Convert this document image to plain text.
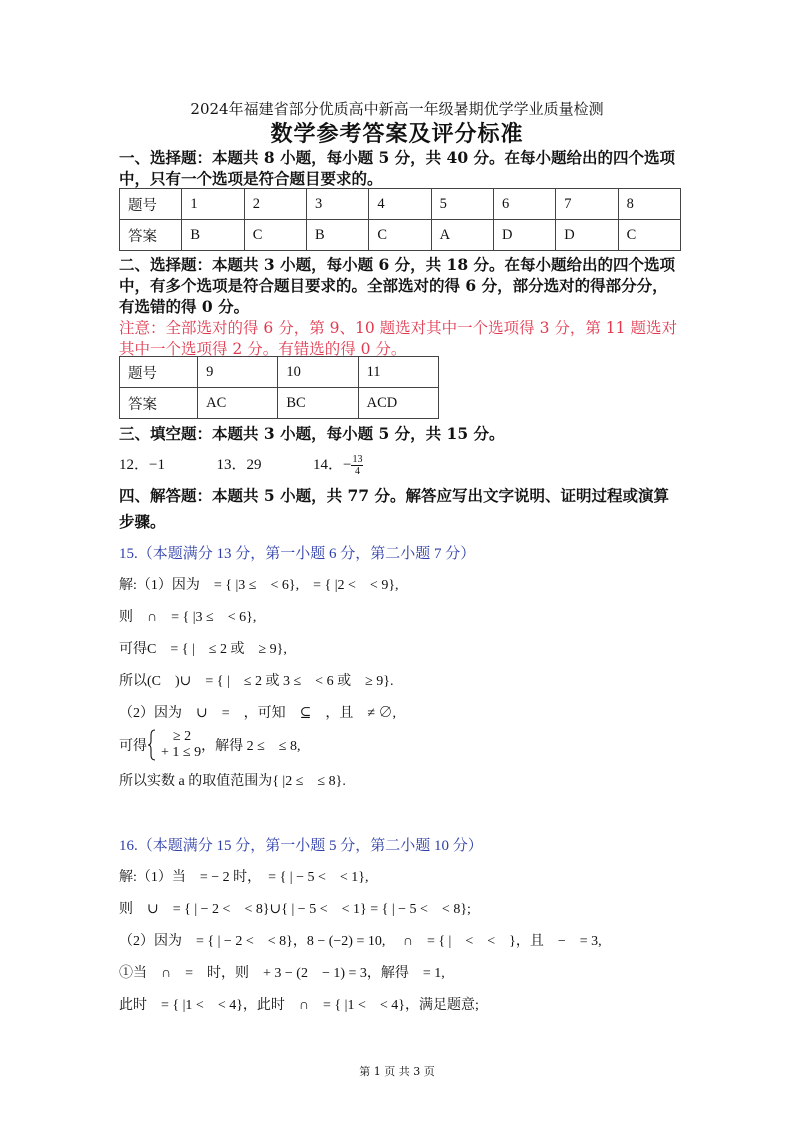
2024年福建省部分优质高中新高一年级暑期优学学业质量检测
数学参考答案及评分标准
一、选择题：本题共 8 小题，每小题 5 分，共 40 分。在每小题给出的四个选项
中，只有一个选项是符合题目要求的。
题号	1	2	3	4	5	6	7	8
答案	B	C	B	C	A	D	D	C
二、选择题：本题共 3 小题，每小题 6 分，共 18 分。在每小题给出的四个选项
中，有多个选项是符合题目要求的。全部选对的得 6 分，部分选对的得部分分，
有选错的得 0 分。
注意：全部选对的得 6 分，第 9、10 题选对其中一个选项得 3 分，第 11 题选对
其中一个选项得 2 分。有错选的得 0 分。
题号	9	10	11
答案	AC	BC	ACD
三、填空题：本题共 3 小题，每小题 5 分，共 15 分。
12．−1	13．29	14．− $\frac{13}{4}$
四、解答题：本题共 5 小题，共 77 分。解答应写出文字说明、证明过程或演算
步骤。
15.（本题满分 13 分，第一小题 6 分，第二小题 7 分）
解:（1）因为　= { |3 ≤　< 6},　= { |2 <　< 9},
则　∩　= { |3 ≤　< 6},
可得C　= { |　≤ 2 或　≥ 9},
所以(C　)∪　= { |　≤ 2 或 3 ≤　< 6 或　≥ 9}.
（2）因为　∪　=　，可知　⊆　，且　≠ ∅,
可得
≥ 2
+ 1 ≤ 9 ，解得 2 ≤　≤ 8,
所以实数 a 的取值范围为{ |2 ≤　≤ 8}.
16.（本题满分 15 分，第一小题 5 分，第二小题 10 分）
解:（1）当　= − 2 时，　= { | − 5 <　< 1},
则　∪　= { | − 2 <　< 8}∪{ | − 5 <　< 1} = { | − 5 <　< 8};
（2）因为　= { | − 2 <　< 8}，8 − (−2) = 10,　 ∩　= { |　<　<　}，且　−　= 3,
①当　∩　=　时，则　+ 3 − (2　− 1) = 3，解得　= 1,
此时　= { |1 <　< 4}，此时　∩　= { |1 <　< 4}，满足题意;
第 1 页 共 3 页
